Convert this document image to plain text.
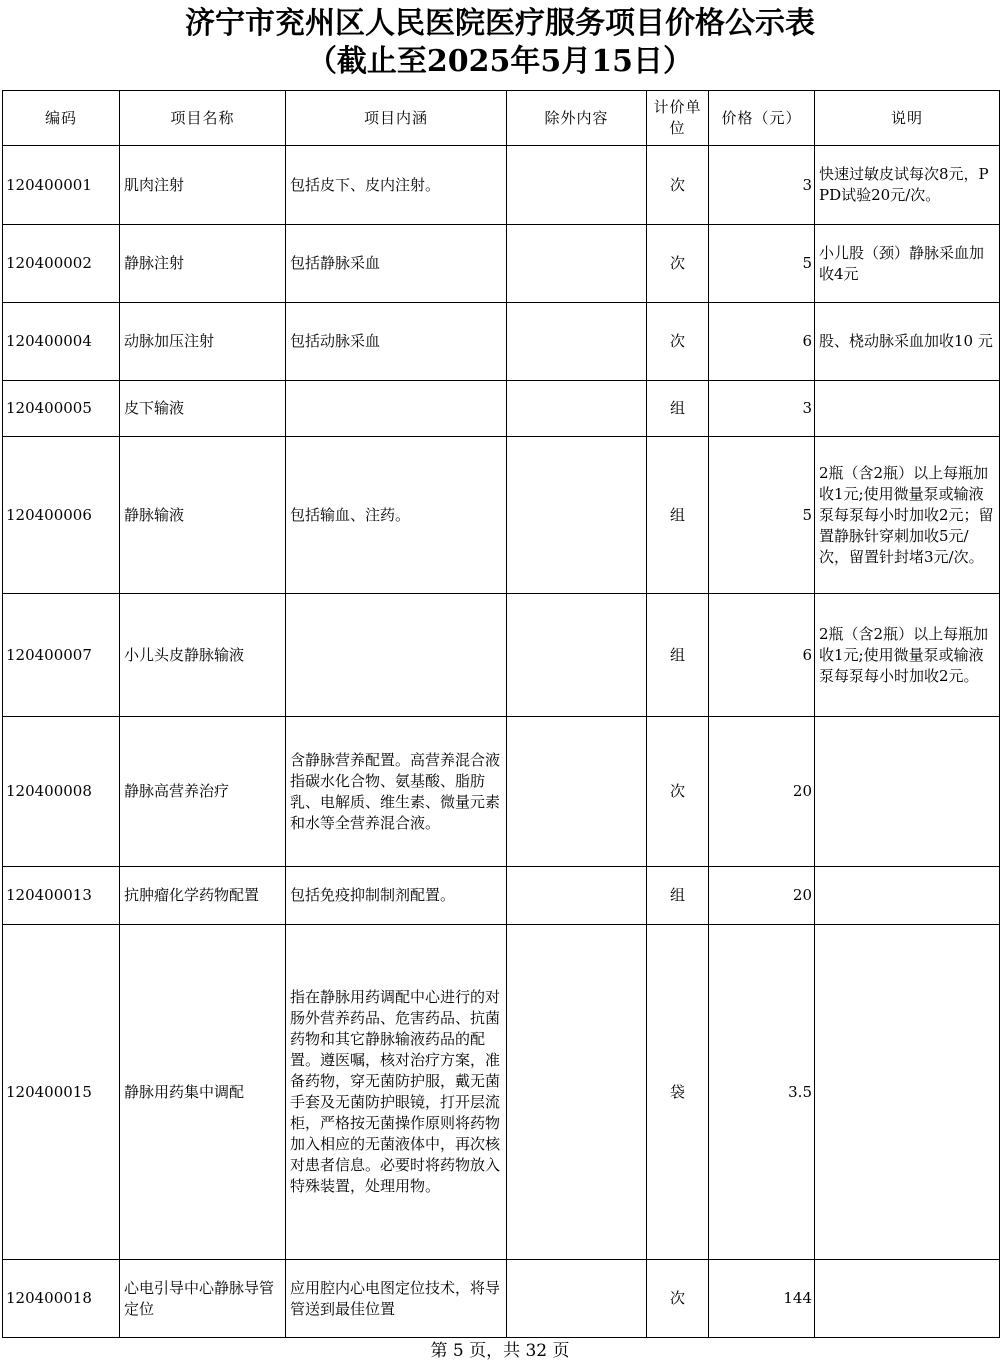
济宁市兖州区人民医院医疗服务项目价格公示表
（截止至2025年5月15日）
编码	项目名称	项目内涵	除外内容	计价单位	价格（元）	说明
120400001	肌肉注射	包括皮下、皮内注射。		次	3	快速过敏皮试每次8元，PPD试验20元/次。
120400002	静脉注射	包括静脉采血		次	5	小儿股（颈）静脉采血加收4元
120400004	动脉加压注射	包括动脉采血		次	6	股、桡动脉采血加收10 元
120400005	皮下输液			组	3	
120400006	静脉输液	包括输血、注药。		组	5	2瓶（含2瓶）以上每瓶加收1元;使用微量泵或输液泵每泵每小时加收2元；留置静脉针穿刺加收5元/次，留置针封堵3元/次。
120400007	小儿头皮静脉输液			组	6	2瓶（含2瓶）以上每瓶加收1元;使用微量泵或输液泵每泵每小时加收2元。
120400008	静脉高营养治疗	含静脉营养配置。高营养混合液指碳水化合物、氨基酸、脂肪乳、电解质、维生素、微量元素和水等全营养混合液。		次	20	
120400013	抗肿瘤化学药物配置	包括免疫抑制制剂配置。		组	20	
120400015	静脉用药集中调配	指在静脉用药调配中心进行的对肠外营养药品、危害药品、抗菌药物和其它静脉输液药品的配置。遵医嘱，核对治疗方案，准备药物，穿无菌防护服，戴无菌手套及无菌防护眼镜，打开层流柜，严格按无菌操作原则将药物加入相应的无菌液体中，再次核对患者信息。必要时将药物放入特殊装置，处理用物。		袋	3.5	
120400018	心电引导中心静脉导管定位	应用腔内心电图定位技术，将导管送到最佳位置		次	144	
第 5 页，共 32 页
